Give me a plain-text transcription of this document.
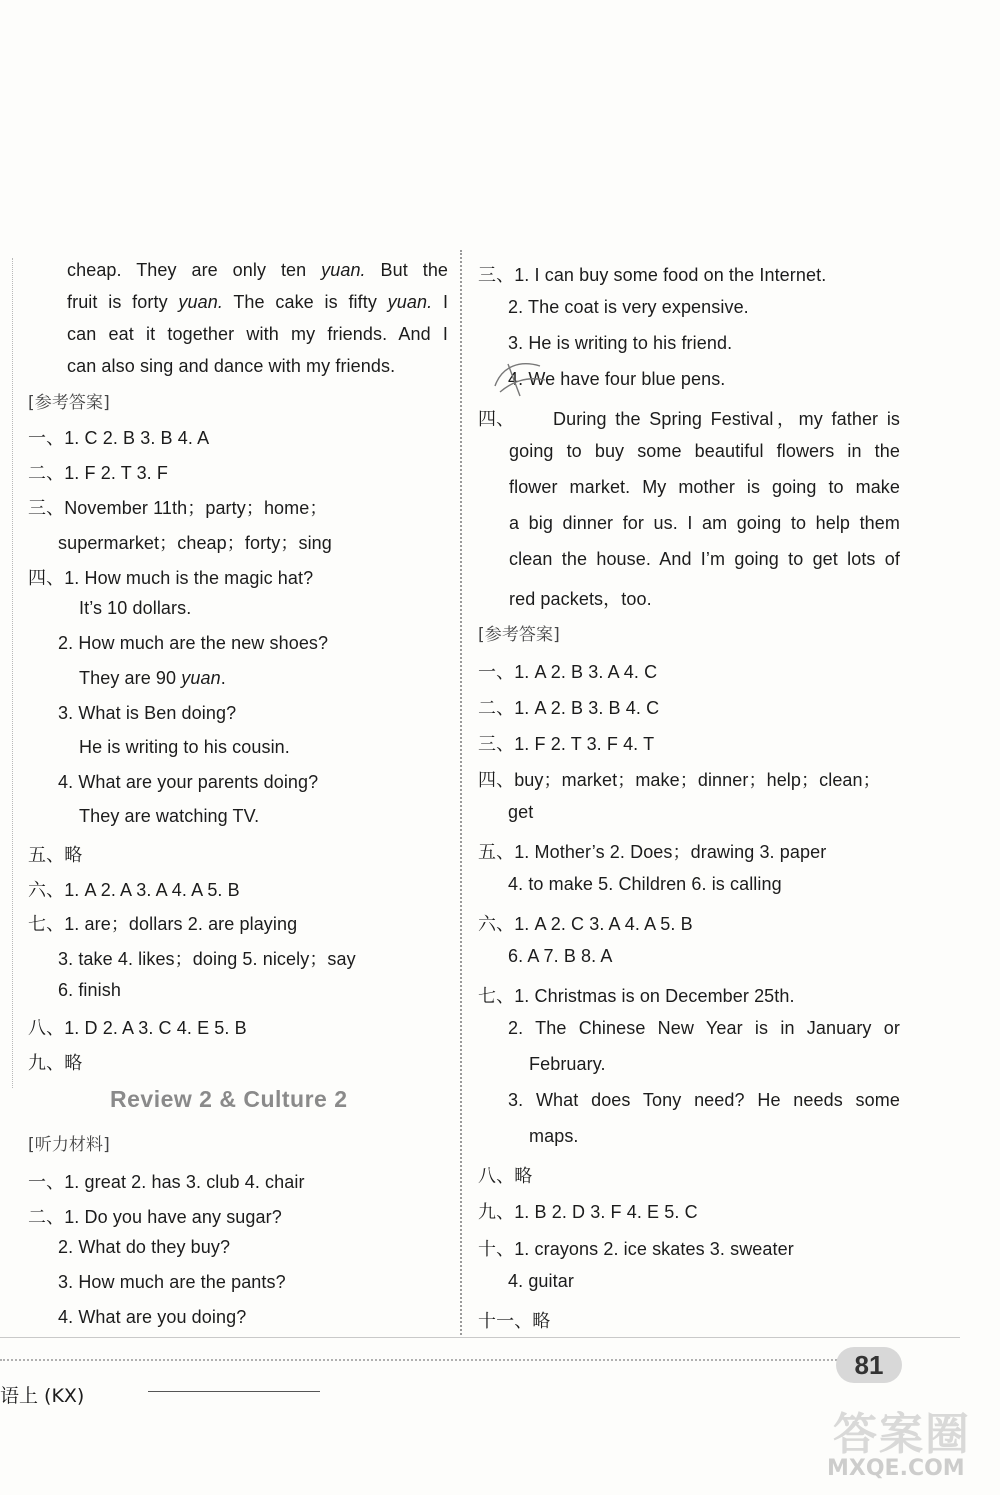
cheap. They are only ten yuan. But the
fruit is forty yuan. The cake is fifty yuan. I
can eat it together with my friends. And I
can also sing and dance with my friends.
[参考答案]
一、1. C 2. B 3. B 4. A
二、1. F 2. T 3. F
三、November 11th；party；home；
supermarket；cheap；forty；sing
四、1. How much is the magic hat?
It’s 10 dollars.
2. How much are the new shoes?
They are 90 yuan.
3. What is Ben doing?
He is writing to his cousin.
4. What are your parents doing?
They are watching TV.
五、略
六、1. A 2. A 3. A 4. A 5. B
七、1. are；dollars 2. are playing
3. take 4. likes；doing 5. nicely；say
6. finish
八、1. D 2. A 3. C 4. E 5. B
九、略
Review 2 & Culture 2
[听力材料]
一、1. great 2. has 3. club 4. chair
二、1. Do you have any sugar?
2. What do they buy?
3. How much are the pants?
4. What are you doing?
三、1. I can buy some food on the Internet.
2. The coat is very expensive.
3. He is writing to his friend.
4. We have four blue pens.
四、 During the Spring Festival，my father is
going to buy some beautiful flowers in the
flower market. My mother is going to make
a big dinner for us. I am going to help them
clean the house. And I’m going to get lots of
red packets，too.
[参考答案]
一、1. A 2. B 3. A 4. C
二、1. A 2. B 3. B 4. C
三、1. F 2. T 3. F 4. T
四、buy；market；make；dinner；help；clean；
get
五、1. Mother’s 2. Does；drawing 3. paper
4. to make 5. Children 6. is calling
六、1. A 2. C 3. A 4. A 5. B
6. A 7. B 8. A
七、1. Christmas is on December 25th.
2. The Chinese New Year is in January or
February.
3. What does Tony need? He needs some
maps.
八、略
九、1. B 2. D 3. F 4. E 5. C
十、1. crayons 2. ice skates 3. sweater
4. guitar
十一、略
语上 (KX)
81
答案圈
MXQE.COM
